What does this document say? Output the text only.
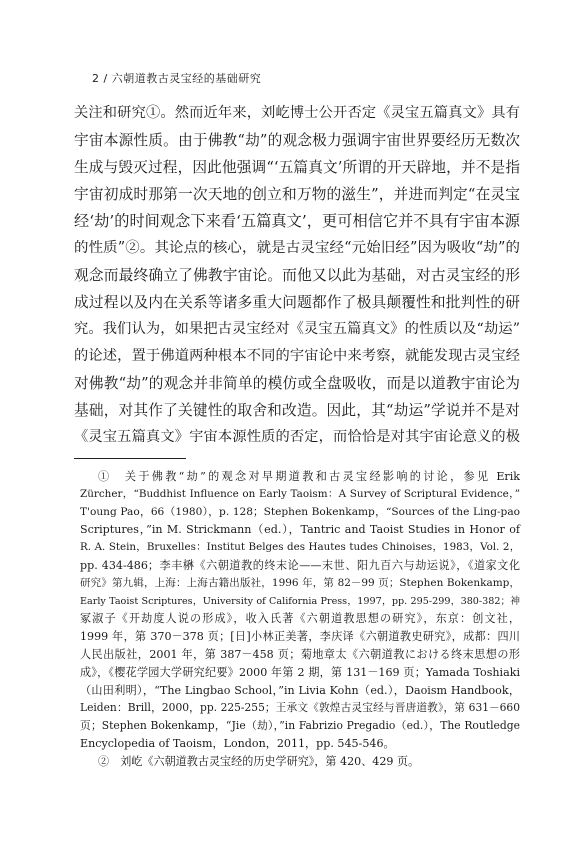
2 / 六朝道教古灵宝经的基础研究
关注和研究①。然而近年来，刘屹博士公开否定《灵宝五篇真文》具有
宇宙本源性质。由于佛教“劫”的观念极力强调宇宙世界要经历无数次
生成与毁灭过程，因此他强调“‘五篇真文’所谓的开天辟地，并不是指
宇宙初成时那第一次天地的创立和万物的滋生”，并进而判定“在灵宝
经‘劫’的时间观念下来看‘五篇真文’，更可相信它并不具有宇宙本源
的性质”②。其论点的核心，就是古灵宝经“元始旧经”因为吸收“劫”的
观念而最终确立了佛教宇宙论。而他又以此为基础，对古灵宝经的形
成过程以及内在关系等诸多重大问题都作了极具颠覆性和批判性的研
究。我们认为，如果把古灵宝经对《灵宝五篇真文》的性质以及“劫运”
的论述，置于佛道两种根本不同的宇宙论中来考察，就能发现古灵宝经
对佛教“劫”的观念并非简单的模仿或全盘吸收，而是以道教宇宙论为
基础，对其作了关键性的取舍和改造。因此，其“劫运”学说并不是对
《灵宝五篇真文》宇宙本源性质的否定，而恰恰是对其宇宙论意义的极
①　关于佛教“劫”的观念对早期道教和古灵宝经影响的讨论，参见 Erik
Zürcher，“Buddhist Influence on Early Taoism：A Survey of Scriptural Evidence，”
T'oung Pao，66（1980），p. 128；Stephen Bokenkamp，“Sources of the Ling-pao
Scriptures，”in M. Strickmann（ed.），Tantric and Taoist Studies in Honor of
R. A. Stein，Bruxelles：Institut Belges des Hautes tudes Chinoises，1983，Vol. 2，
pp. 434-486；李丰楙《六朝道教的终末论——末世、阳九百六与劫运说》，《道家文化
研究》第九辑，上海：上海古籍出版社，1996 年，第 82－99 页；Stephen Bokenkamp，
Early Taoist Scriptures，University of California Press，1997，pp. 295-299，380-382；神
冢淑子《开劫度人说の形成》，收入氏著《六朝道教思想の研究》，东京：创文社，
1999 年，第 370－378 页；[日]小林正美著，李庆译《六朝道教史研究》，成都：四川
人民出版社，2001 年，第 387－458 页；菊地章太《六朝道教における终末思想の形
成》，《樱花学园大学研究纪要》2000 年第 2 期，第 131－169 页；Yamada Toshiaki
（山田利明），“The Lingbao School，”in Livia Kohn（ed.），Daoism Handbook，
Leiden：Brill，2000，pp. 225-255；王承文《敦煌古灵宝经与晋唐道教》，第 631－660
页；Stephen Bokenkamp，“Jie（劫），”in Fabrizio Pregadio（ed.），The Routledge
Encyclopedia of Taoism，London，2011，pp. 545-546。
②　刘屹《六朝道教古灵宝经的历史学研究》，第 420、429 页。
